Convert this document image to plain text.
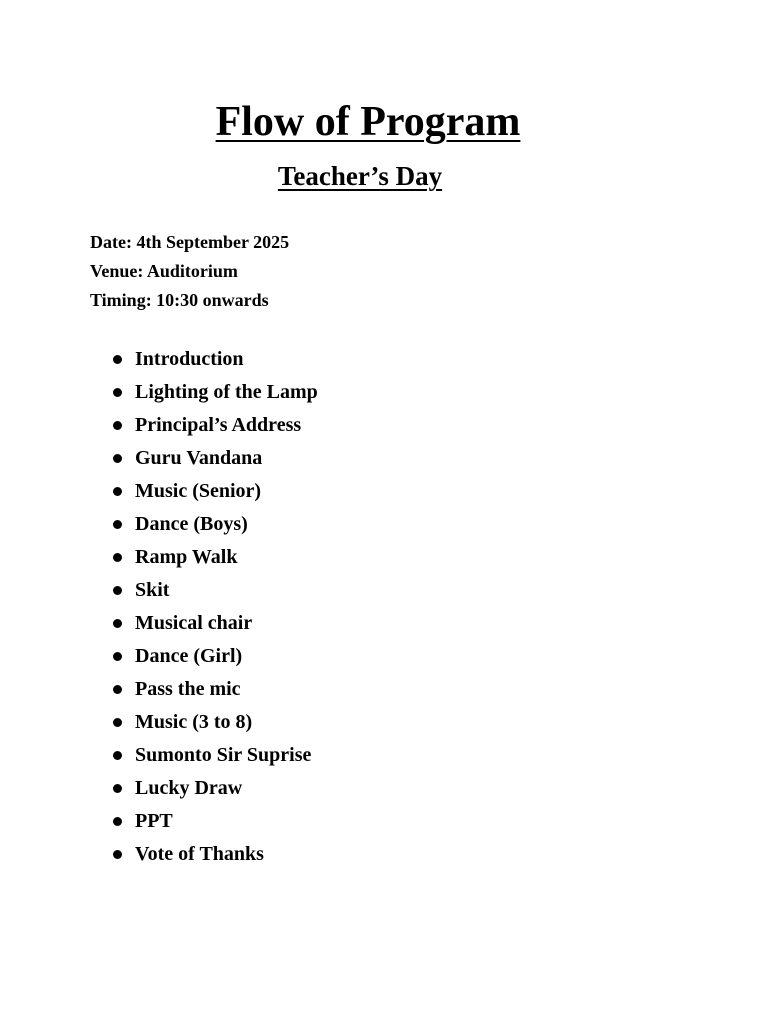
Flow of Program
Teacher’s Day

Date: 4th September 2025

Venue: Auditorium

Timing: 10:30 onwards

Introduction
Lighting of the Lamp
Principal’s Address
Guru Vandana
Music (Senior)
Dance (Boys)
Ramp Walk
Skit
Musical chair
Dance (Girl)
Pass the mic
Music (3 to 8)
Sumonto Sir Suprise
Lucky Draw
PPT
Vote of Thanks
